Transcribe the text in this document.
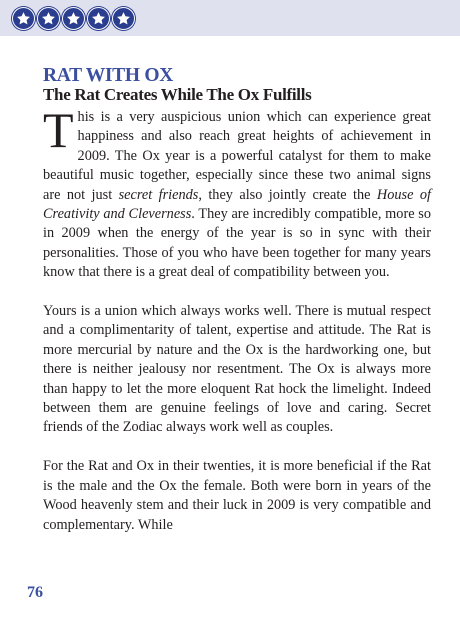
RAT WITH OX
The Rat Creates While The Ox Fulfills

This is a very auspicious union which can experience great happiness and also reach great heights of achievement in 2009. The Ox year is a powerful catalyst for them to make beautiful music together, especially since these two animal signs are not just secret friends, they also jointly create the House of Creativity and Cleverness. They are incredibly compatible, more so in 2009 when the energy of the year is so in sync with their personalities. Those of you who have been together for many years know that there is a great deal of compatibility between you.

Yours is a union which always works well. There is mutual respect and a complimentarity of talent, expertise and attitude. The Rat is more mercurial by nature and the Ox is the hardworking one, but there is neither jealousy nor resentment. The Ox is always more than happy to let the more eloquent Rat hock the limelight. Indeed between them are genuine feelings of love and caring. Secret friends of the Zodiac always work well as couples.

For the Rat and Ox in their twenties, it is more beneficial if the Rat is the male and the Ox the female. Both were born in years of the Wood heavenly stem and their luck in 2009 is very compatible and complementary. While

76
